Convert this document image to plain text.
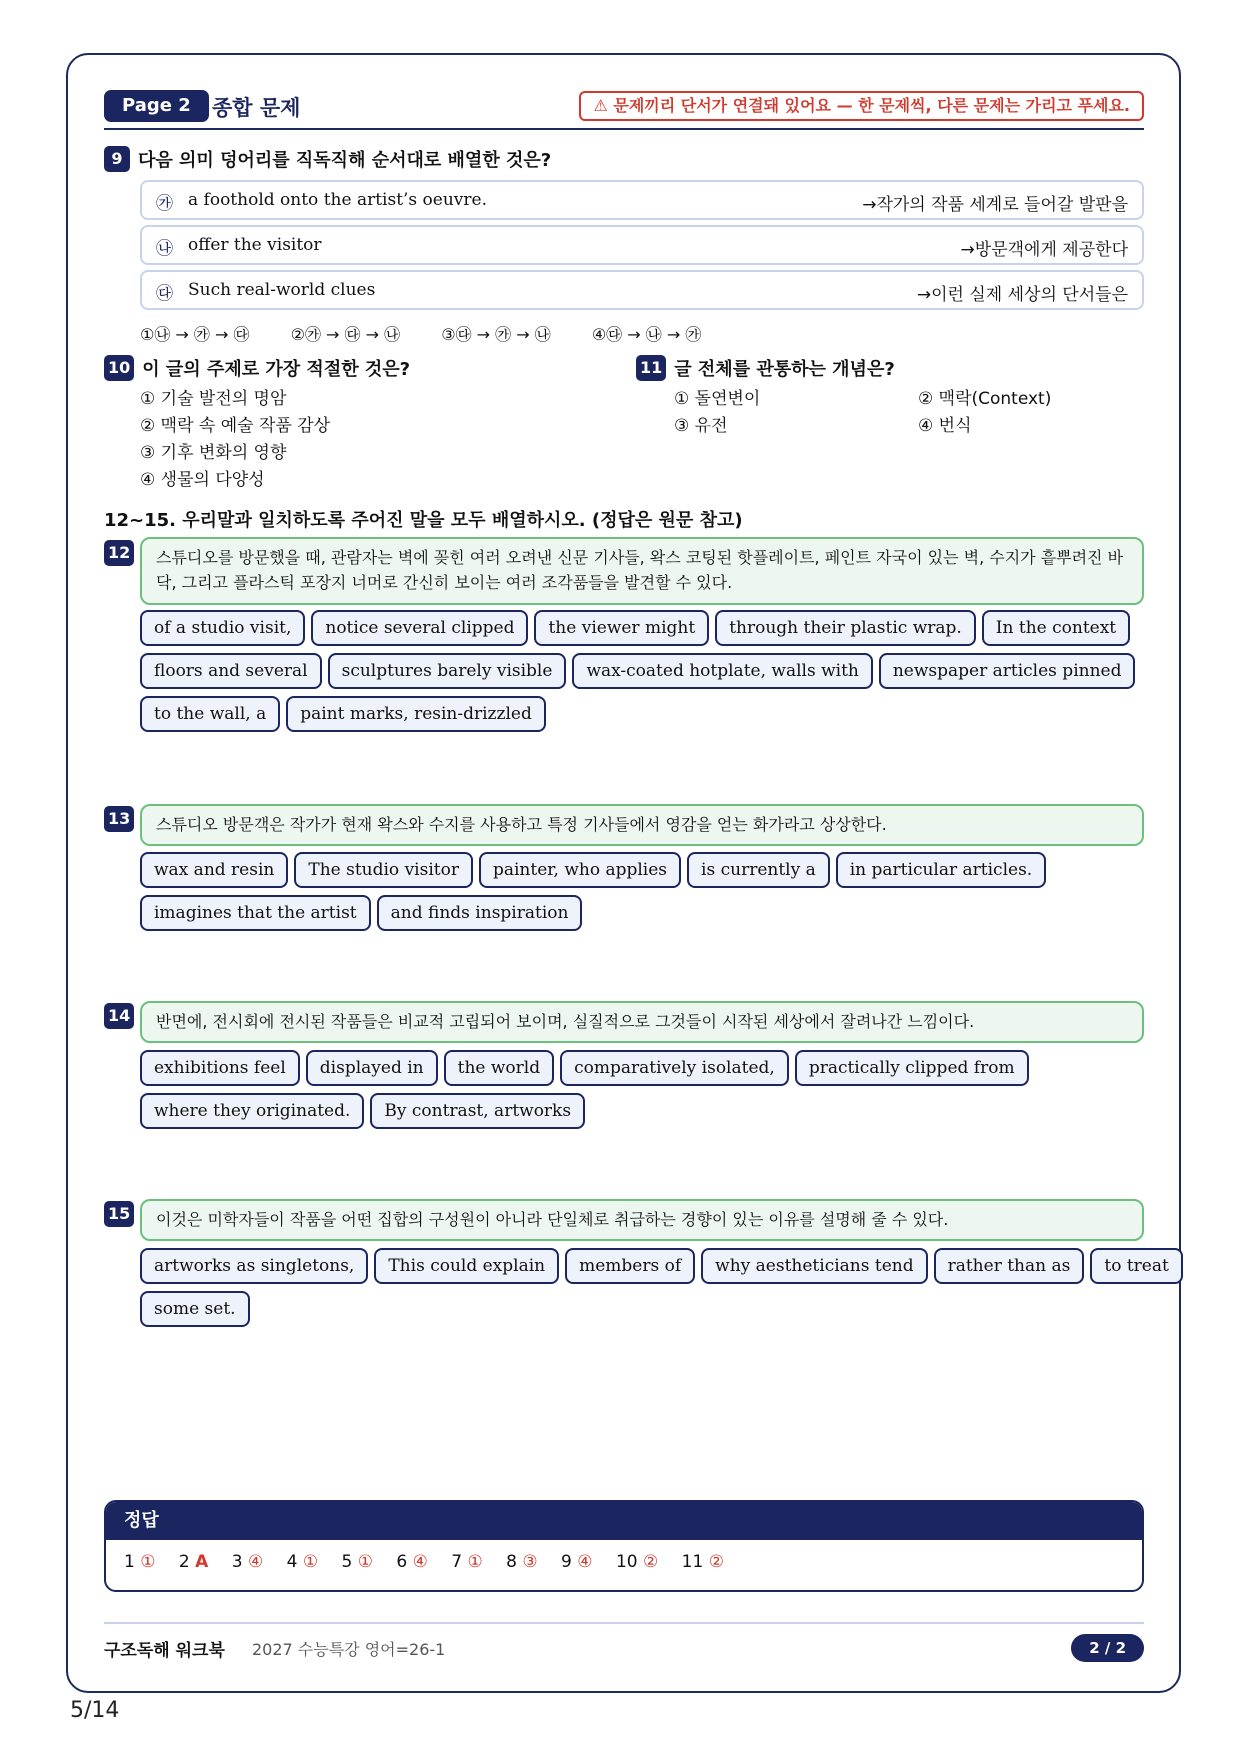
Page 2	종합 문제	⚠ 문제끼리 단서가 연결돼 있어요 — 한 문제씩, 다른 문제는 가리고 푸세요.
9 다음 의미 덩어리를 직독직해 순서대로 배열한 것은?
㉮ a foothold onto the artist’s oeuvre.	→작가의 작품 세계로 들어갈 발판을
㉯ offer the visitor	→방문객에게 제공한다
㉰ Such real-world clues	→이런 실제 세상의 단서들은
①㉯ → ㉮ → ㉰	②㉮ → ㉰ → ㉯	③㉰ → ㉮ → ㉯	④㉰ → ㉯ → ㉮
10 이 글의 주제로 가장 적절한 것은?
① 기술 발전의 명암
② 맥락 속 예술 작품 감상
③ 기후 변화의 영향
④ 생물의 다양성
11 글 전체를 관통하는 개념은?
① 돌연변이
③ 유전
② 맥락(Context)
④ 번식
12~15. 우리말과 일치하도록 주어진 말을 모두 배열하시오. (정답은 원문 참고)
12	스튜디오를 방문했을 때, 관람자는 벽에 꽂힌 여러 오려낸 신문 기사들, 왁스 코팅된 핫플레이트, 페인트 자국이 있는 벽, 수지가 흩뿌려진 바닥, 그리고 플라스틱 포장지 너머로 간신히 보이는 여러 조각품들을 발견할 수 있다.
of a studio visit,	notice several clipped	the viewer might	through their plastic wrap.	In the context
floors and several	sculptures barely visible	wax-coated hotplate, walls with	newspaper articles pinned
to the wall, a	paint marks, resin-drizzled
13	스튜디오 방문객은 작가가 현재 왁스와 수지를 사용하고 특정 기사들에서 영감을 얻는 화가라고 상상한다.
wax and resin	The studio visitor	painter, who applies	is currently a	in particular articles.
imagines that the artist	and finds inspiration
14	반면에, 전시회에 전시된 작품들은 비교적 고립되어 보이며, 실질적으로 그것들이 시작된 세상에서 잘려나간 느낌이다.
exhibitions feel	displayed in	the world	comparatively isolated,	practically clipped from
where they originated.	By contrast, artworks
15	이것은 미학자들이 작품을 어떤 집합의 구성원이 아니라 단일체로 취급하는 경향이 있는 이유를 설명해 줄 수 있다.
artworks as singletons,	This could explain	members of	why aestheticians tend	rather than as	to treat
some set.
정답
1 ① 2 A 3 ④ 4 ① 5 ① 6 ④ 7 ① 8 ③ 9 ④ 10 ② 11 ②
구조독해 워크북 2027 수능특강 영어=26-1	2 / 2
5/14
